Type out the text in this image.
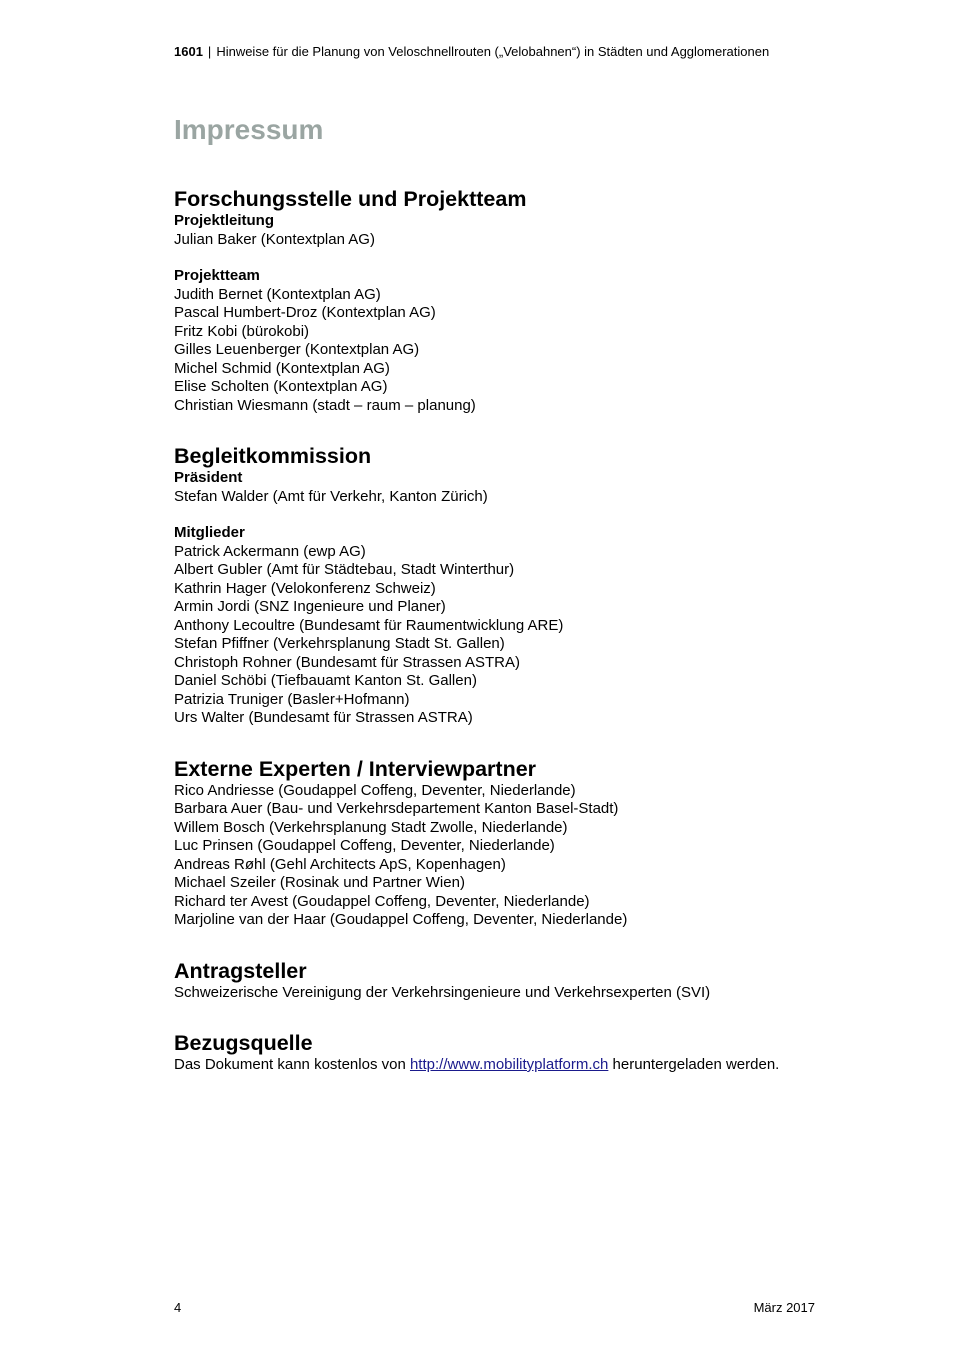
1601 | Hinweise für die Planung von Veloschnellrouten („Velobahnen“) in Städten und Agglomerationen
Impressum
Forschungsstelle und Projektteam
Projektleitung
Julian Baker (Kontextplan AG)
Projektteam
Judith Bernet (Kontextplan AG)
Pascal Humbert-Droz (Kontextplan AG)
Fritz Kobi (bürokobi)
Gilles Leuenberger (Kontextplan AG)
Michel Schmid (Kontextplan AG)
Elise Scholten (Kontextplan AG)
Christian Wiesmann (stadt – raum – planung)
Begleitkommission
Präsident
Stefan Walder (Amt für Verkehr, Kanton Zürich)
Mitglieder
Patrick Ackermann (ewp AG)
Albert Gubler (Amt für Städtebau, Stadt Winterthur)
Kathrin Hager (Velokonferenz Schweiz)
Armin Jordi (SNZ Ingenieure und Planer)
Anthony Lecoultre (Bundesamt für Raumentwicklung ARE)
Stefan Pfiffner (Verkehrsplanung Stadt St. Gallen)
Christoph Rohner (Bundesamt für Strassen ASTRA)
Daniel Schöbi (Tiefbauamt Kanton St. Gallen)
Patrizia Truniger (Basler+Hofmann)
Urs Walter (Bundesamt für Strassen ASTRA)
Externe Experten / Interviewpartner
Rico Andriesse (Goudappel Coffeng, Deventer, Niederlande)
Barbara Auer (Bau- und Verkehrsdepartement Kanton Basel-Stadt)
Willem Bosch (Verkehrsplanung Stadt Zwolle, Niederlande)
Luc Prinsen (Goudappel Coffeng, Deventer, Niederlande)
Andreas Røhl (Gehl Architects ApS, Kopenhagen)
Michael Szeiler (Rosinak und Partner Wien)
Richard ter Avest (Goudappel Coffeng, Deventer, Niederlande)
Marjoline van der Haar (Goudappel Coffeng, Deventer, Niederlande)
Antragsteller
Schweizerische Vereinigung der Verkehrsingenieure und Verkehrsexperten (SVI)
Bezugsquelle
Das Dokument kann kostenlos von http://www.mobilityplatform.ch heruntergeladen werden.
4	März 2017
